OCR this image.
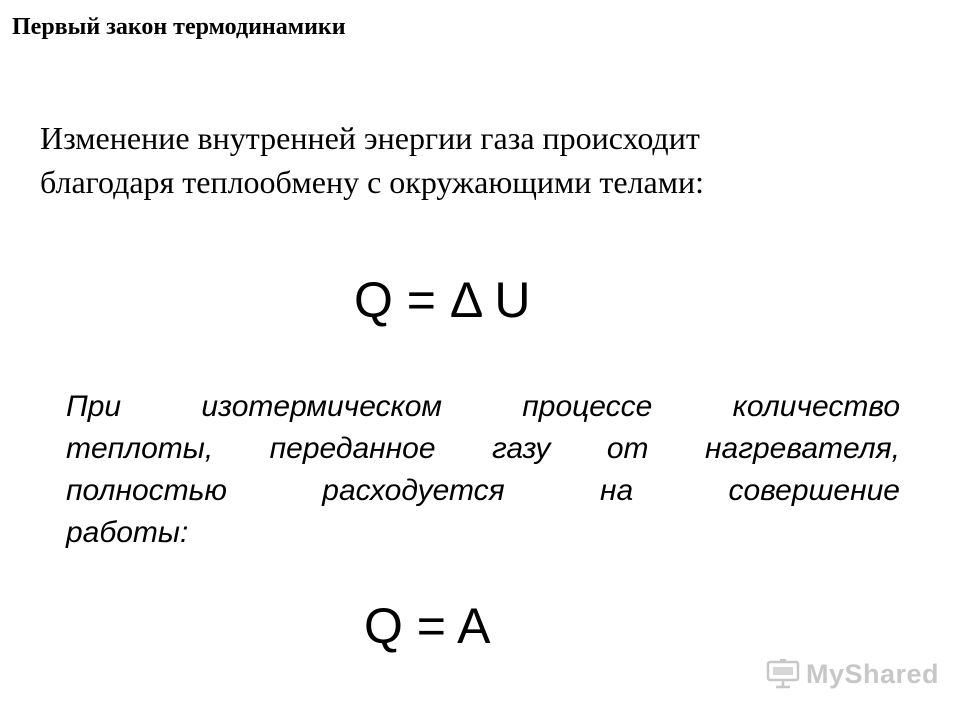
Первый закон термодинамики

Изменение внутренней энергии газа происходит
благодаря теплообмену с окружающими телами:

Q = Δ U

При изотермическом процессе количество
теплоты, переданное газу от нагревателя,
полностью расходуется на совершение
работы:

Q = A
MyShared
